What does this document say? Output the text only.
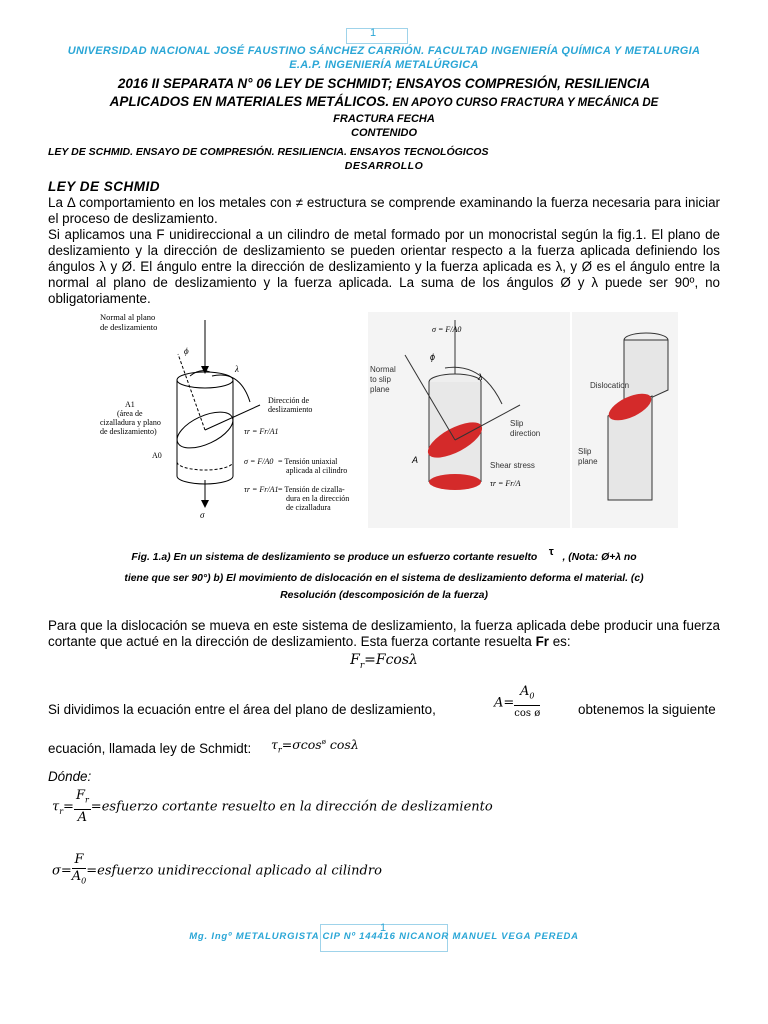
1
UNIVERSIDAD NACIONAL JOSÉ FAUSTINO SÁNCHEZ CARRIÓN. FACULTAD INGENIERÍA QUÍMICA Y METALURGIA
E.A.P. INGENIERÍA METALÚRGICA
2016 II SEPARATA N° 06 LEY DE SCHMIDT; ENSAYOS COMPRESIÓN, RESILIENCIA
APLICADOS EN MATERIALES METÁLICOS. EN APOYO CURSO FRACTURA Y MECÁNICA DE
FRACTURA FECHA
CONTENIDO
LEY DE SCHMID. ENSAYO DE COMPRESIÓN. RESILIENCIA. ENSAYOS TECNOLÓGICOS
DESARROLLO
LEY DE SCHMID
La Δ comportamiento en los metales con ≠ estructura se comprende examinando la fuerza necesaria para iniciar el proceso de deslizamiento.
Si aplicamos una F unidireccional a un cilindro de metal formado por un monocristal según la fig.1. El plano de deslizamiento y la dirección de deslizamiento se pueden orientar respecto a la fuerza aplicada definiendo los ángulos λ y Ø. El ángulo entre la dirección de deslizamiento y la fuerza aplicada es λ, y Ø es el ángulo entre la normal al plano de deslizamiento y la fuerza aplicada. La suma de los ángulos Ø y λ puede ser 90º, no obligatoriamente.
Normal al plano
de deslizamiento
ϕ
λ
A1
(área de
cizalladura y plano
de deslizamiento)
A0
Dirección de
deslizamiento
τr = Fr/A1
σ = F/A0 = Tensión uniaxial
aplicada al cilindro
τr = Fr/A1 = Tensión de cizalla-
dura en la dirección
de cizalladura
σ
σ = F/A0
ϕ
λ
Normal
to slip
plane
Slip
direction
A
Shear stress
τr = Fr/A
Dislocation
Slip
plane
Fig. 1.a) En un sistema de deslizamiento se produce un esfuerzo cortante resuelto τ , (Nota: Ø+λ no
tiene que ser 90°) b) El movimiento de dislocación en el sistema de deslizamiento deforma el material. (c)
Resolución (descomposición de la fuerza)
Para que la dislocación se mueva en este sistema de deslizamiento, la fuerza aplicada debe producir una fuerza cortante que actué en la dirección de deslizamiento. Esta fuerza cortante resuelta Fr es:
$F_r=Fcos\lambda$
Si dividimos la ecuación entre el área del plano de deslizamiento,	obtenemos la siguiente
$A= \frac{A_0}{\text{cos ø}}$
ecuación, llamada ley de Schmidt: $\tau_r=\sigma\cos^ø$ cosλ
Dónde:
$\tau_r= \frac{F_r}{A}$ =esfuerzo cortante resuelto en la dirección de deslizamiento
$\sigma= \frac{F}{A_0}$ =esfuerzo unidireccional aplicado al cilindro
1
Mg. Ingº METALURGISTA CIP Nº 144416 NICANOR MANUEL VEGA PEREDA
